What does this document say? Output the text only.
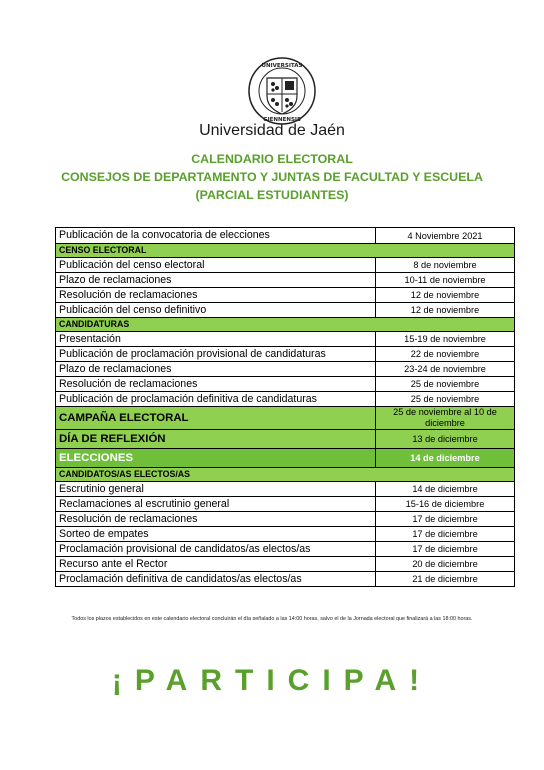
UNIVERSITAS
GIENNENSIS
Universidad de Jaén
CALENDARIO ELECTORAL
CONSEJOS DE DEPARTAMENTO Y JUNTAS DE FACULTAD Y ESCUELA
(PARCIAL ESTUDIANTES)
Publicación de la convocatoria de elecciones	4 Noviembre 2021
CENSO ELECTORAL	
Publicación del censo electoral	8 de noviembre
Plazo de reclamaciones	10-11 de noviembre
Resolución de reclamaciones	12 de noviembre
Publicación del censo definitivo	12 de noviembre
CANDIDATURAS	
Presentación	15-19 de noviembre
Publicación de proclamación provisional de candidaturas	22 de noviembre
Plazo de reclamaciones	23-24 de noviembre
Resolución de reclamaciones	25 de noviembre
Publicación de proclamación definitiva de candidaturas	25 de noviembre
CAMPAÑA ELECTORAL	25 de noviembre al 10 de diciembre
DÍA DE REFLEXIÓN	13 de diciembre
ELECCIONES	14 de diciembre
CANDIDATOS/AS ELECTOS/AS	
Escrutinio general	14 de diciembre
Reclamaciones al escrutinio general	15-16 de diciembre
Resolución de reclamaciones	17 de diciembre
Sorteo de empates	17 de diciembre
Proclamación provisional de candidatos/as electos/as	17 de diciembre
Recurso ante el Rector	20 de diciembre
Proclamación definitiva de candidatos/as electos/as	21 de diciembre
Todos los plazos establecidos en este calendario electoral concluirán el día señalado a las 14:00 horas, salvo el de la Jornada electoral que finalizará a las 18:00 horas.
¡PARTICIPA!
